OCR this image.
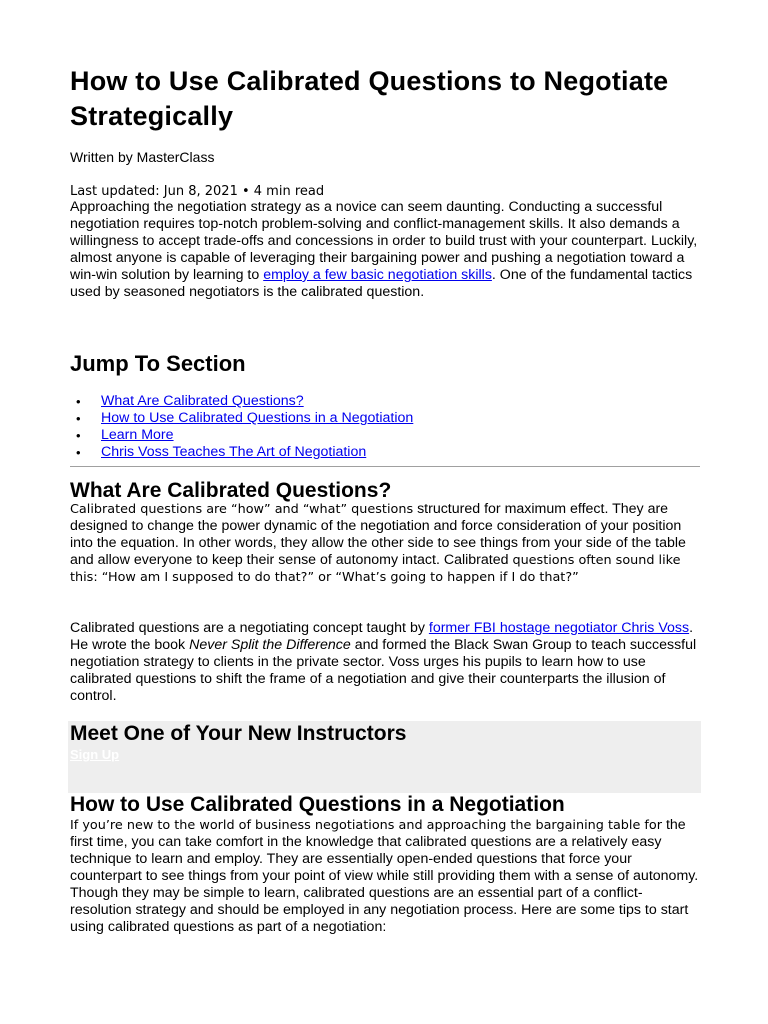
How to Use Calibrated Questions to Negotiate Strategically

Written by MasterClass

Last updated: Jun 8, 2021 • 4 min read

Approaching the negotiation strategy as a novice can seem daunting. Conducting a successful negotiation requires top-notch problem-solving and conflict-management skills. It also demands a willingness to accept trade-offs and concessions in order to build trust with your counterpart. Luckily, almost anyone is capable of leveraging their bargaining power and pushing a negotiation toward a win-win solution by learning to employ a few basic negotiation skills. One of the fundamental tactics used by seasoned negotiators is the calibrated question.

Jump To Section
• What Are Calibrated Questions?
• How to Use Calibrated Questions in a Negotiation
• Learn More
• Chris Voss Teaches The Art of Negotiation
What Are Calibrated Questions?

Calibrated questions are “how” and “what” questions structured for maximum effect. They are designed to change the power dynamic of the negotiation and force consideration of your position into the equation. In other words, they allow the other side to see things from your side of the table and allow everyone to keep their sense of autonomy intact. Calibrated questions often sound like this: “How am I supposed to do that?” or “What’s going to happen if I do that?”

Calibrated questions are a negotiating concept taught by former FBI hostage negotiator Chris Voss. He wrote the book Never Split the Difference and formed the Black Swan Group to teach successful negotiation strategy to clients in the private sector. Voss urges his pupils to learn how to use calibrated questions to shift the frame of a negotiation and give their counterparts the illusion of control.

Meet One of Your New Instructors
Sign Up
How to Use Calibrated Questions in a Negotiation

If you’re new to the world of business negotiations and approaching the bargaining table for the first time, you can take comfort in the knowledge that calibrated questions are a relatively easy technique to learn and employ. They are essentially open-ended questions that force your counterpart to see things from your point of view while still providing them with a sense of autonomy. Though they may be simple to learn, calibrated questions are an essential part of a conflict-resolution strategy and should be employed in any negotiation process. Here are some tips to start using calibrated questions as part of a negotiation:
